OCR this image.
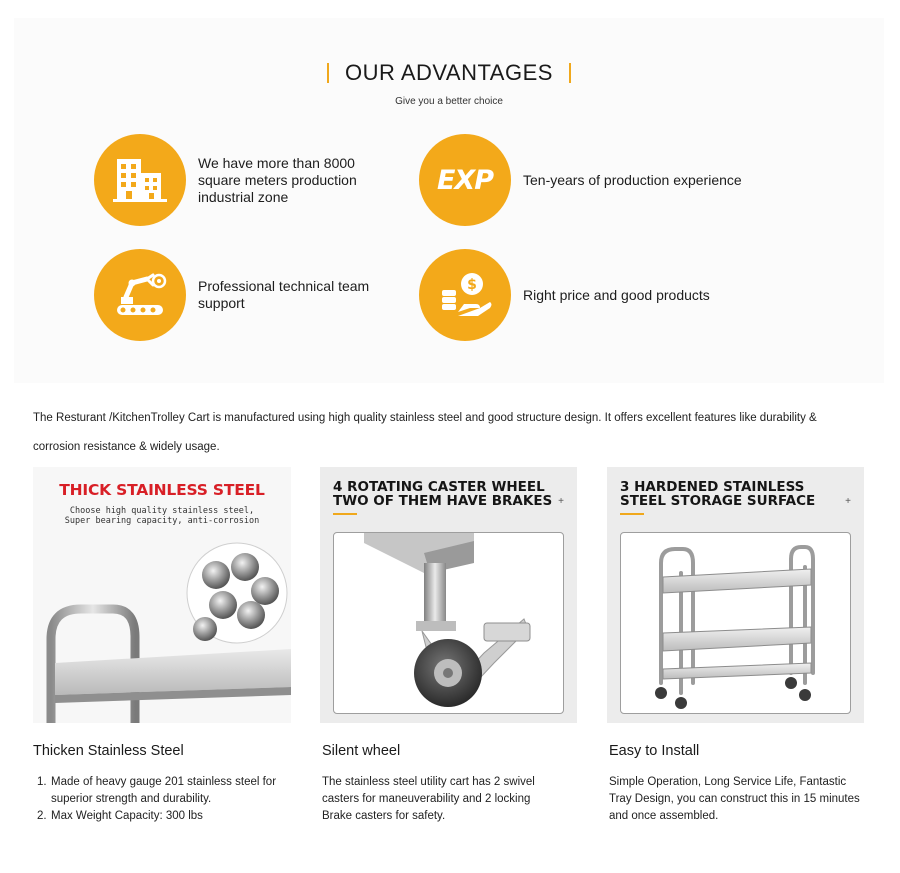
OUR ADVANTAGES
Give you a better choice
We have more than 8000 square meters production industrial zone
EXP Ten-years of production experience
Professional technical team support
$
Right price and good products

The Resturant /KitchenTrolley Cart is manufactured using high quality stainless steel and good structure design. It offers excellent features like durability & corrosion resistance & widely usage.

THICK STAINLESS STEEL
Choose high quality stainless steel,
Super bearing capacity, anti-corrosion
4 ROTATING CASTER WHEEL
TWO OF THEM HAVE BRAKES +
3 HARDENED STAINLESS
STEEL STORAGE SURFACE	+
Thicken Stainless Steel
1. Made of heavy gauge 201 stainless steel for superior strength and durability.
2. Max Weight Capacity: 300 lbs
Silent wheel
The stainless steel utility cart has 2 swivel casters for maneuverability and 2 locking Brake casters for safety.
Easy to Install
Simple Operation, Long Service Life, Fantastic Tray Design, you can construct this in 15 minutes and once assembled.
